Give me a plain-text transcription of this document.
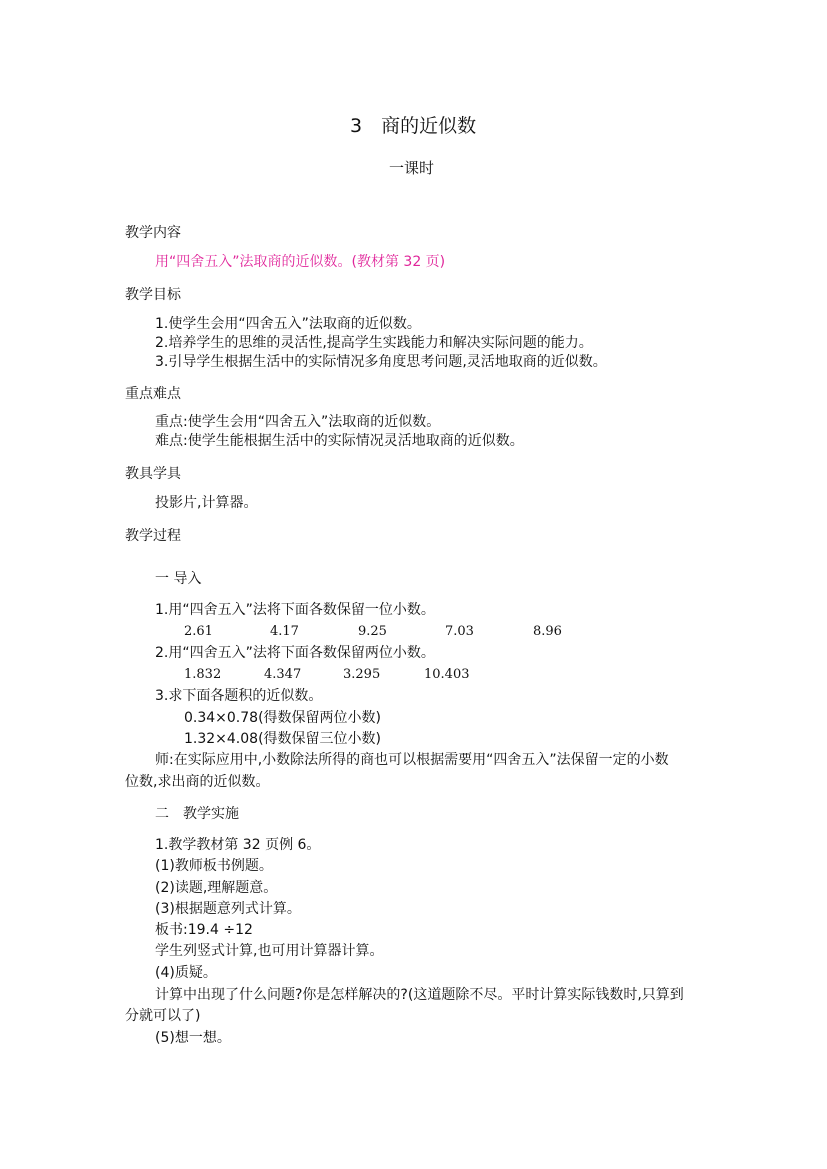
3　商的近似数
一课时
教学内容
用“四舍五入”法取商的近似数。(教材第 32 页)
教学目标
1.使学生会用“四舍五入”法取商的近似数。
2.培养学生的思维的灵活性,提高学生实践能力和解决实际问题的能力。
3.引导学生根据生活中的实际情况多角度思考问题,灵活地取商的近似数。
重点难点
重点:使学生会用“四舍五入”法取商的近似数。
难点:使学生能根据生活中的实际情况灵活地取商的近似数。
教具学具
投影片,计算器。
教学过程
一 导入
1.用“四舍五入”法将下面各数保留一位小数。
2.61	4.17	9.25	7.03	8.96
2.用“四舍五入”法将下面各数保留两位小数。
1.832	4.347	3.295	10.403
3.求下面各题积的近似数。
0.34×0.78(得数保留两位小数)
1.32×4.08(得数保留三位小数)
师:在实际应用中,小数除法所得的商也可以根据需要用“四舍五入”法保留一定的小数
位数,求出商的近似数。
二　教学实施
1.教学教材第 32 页例 6。
(1)教师板书例题。
(2)读题,理解题意。
(3)根据题意列式计算。
板书:19.4 ÷12
学生列竖式计算,也可用计算器计算。
(4)质疑。
计算中出现了什么问题?你是怎样解决的?(这道题除不尽。平时计算实际钱数时,只算到
分就可以了)
(5)想一想。
